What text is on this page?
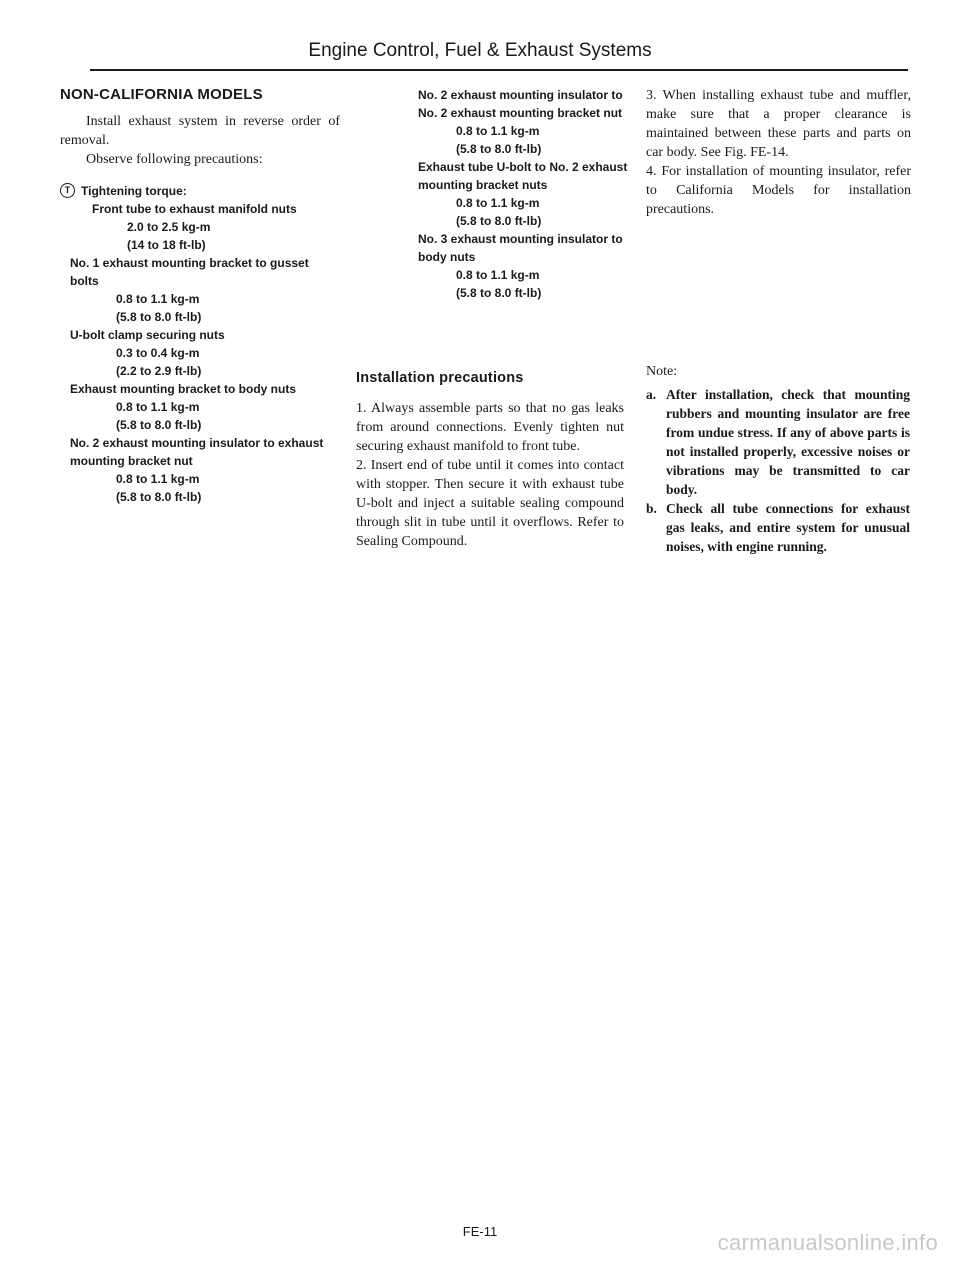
Engine Control, Fuel & Exhaust Systems
NON-CALIFORNIA MODELS

Install exhaust system in reverse order of removal.

Observe following precautions:

T Tightening torque:
Front tube to exhaust manifold nuts
2.0 to 2.5 kg-m
(14 to 18 ft-lb)
No. 1 exhaust mounting bracket to gusset bolts
0.8 to 1.1 kg-m
(5.8 to 8.0 ft-lb)
U-bolt clamp securing nuts
0.3 to 0.4 kg-m
(2.2 to 2.9 ft-lb)
Exhaust mounting bracket to body nuts
0.8 to 1.1 kg-m
(5.8 to 8.0 ft-lb)
No. 2 exhaust mounting insulator to exhaust mounting bracket nut
0.8 to 1.1 kg-m
(5.8 to 8.0 ft-lb)
No. 2 exhaust mounting insulator to No. 2 exhaust mounting bracket nut
0.8 to 1.1 kg-m
(5.8 to 8.0 ft-lb)
Exhaust tube U-bolt to No. 2 exhaust mounting bracket nuts
0.8 to 1.1 kg-m
(5.8 to 8.0 ft-lb)
No. 3 exhaust mounting insulator to body nuts
0.8 to 1.1 kg-m
(5.8 to 8.0 ft-lb)
Installation precautions

1. Always assemble parts so that no gas leaks from around connections. Evenly tighten nut securing exhaust manifold to front tube.

2. Insert end of tube until it comes into contact with stopper. Then secure it with exhaust tube U-bolt and inject a suitable sealing compound through slit in tube until it overflows. Refer to Sealing Compound.

3. When installing exhaust tube and muffler, make sure that a proper clearance is maintained between these parts and parts on car body. See Fig. FE-14.

4. For installation of mounting insulator, refer to California Models for installation precautions.

Note:
a. After installation, check that mounting rubbers and mounting insulator are free from undue stress. If any of above parts is not installed properly, excessive noises or vibrations may be transmitted to car body.
b. Check all tube connections for exhaust gas leaks, and entire system for unusual noises, with engine running.
FE-11	carmanualsonline.info
